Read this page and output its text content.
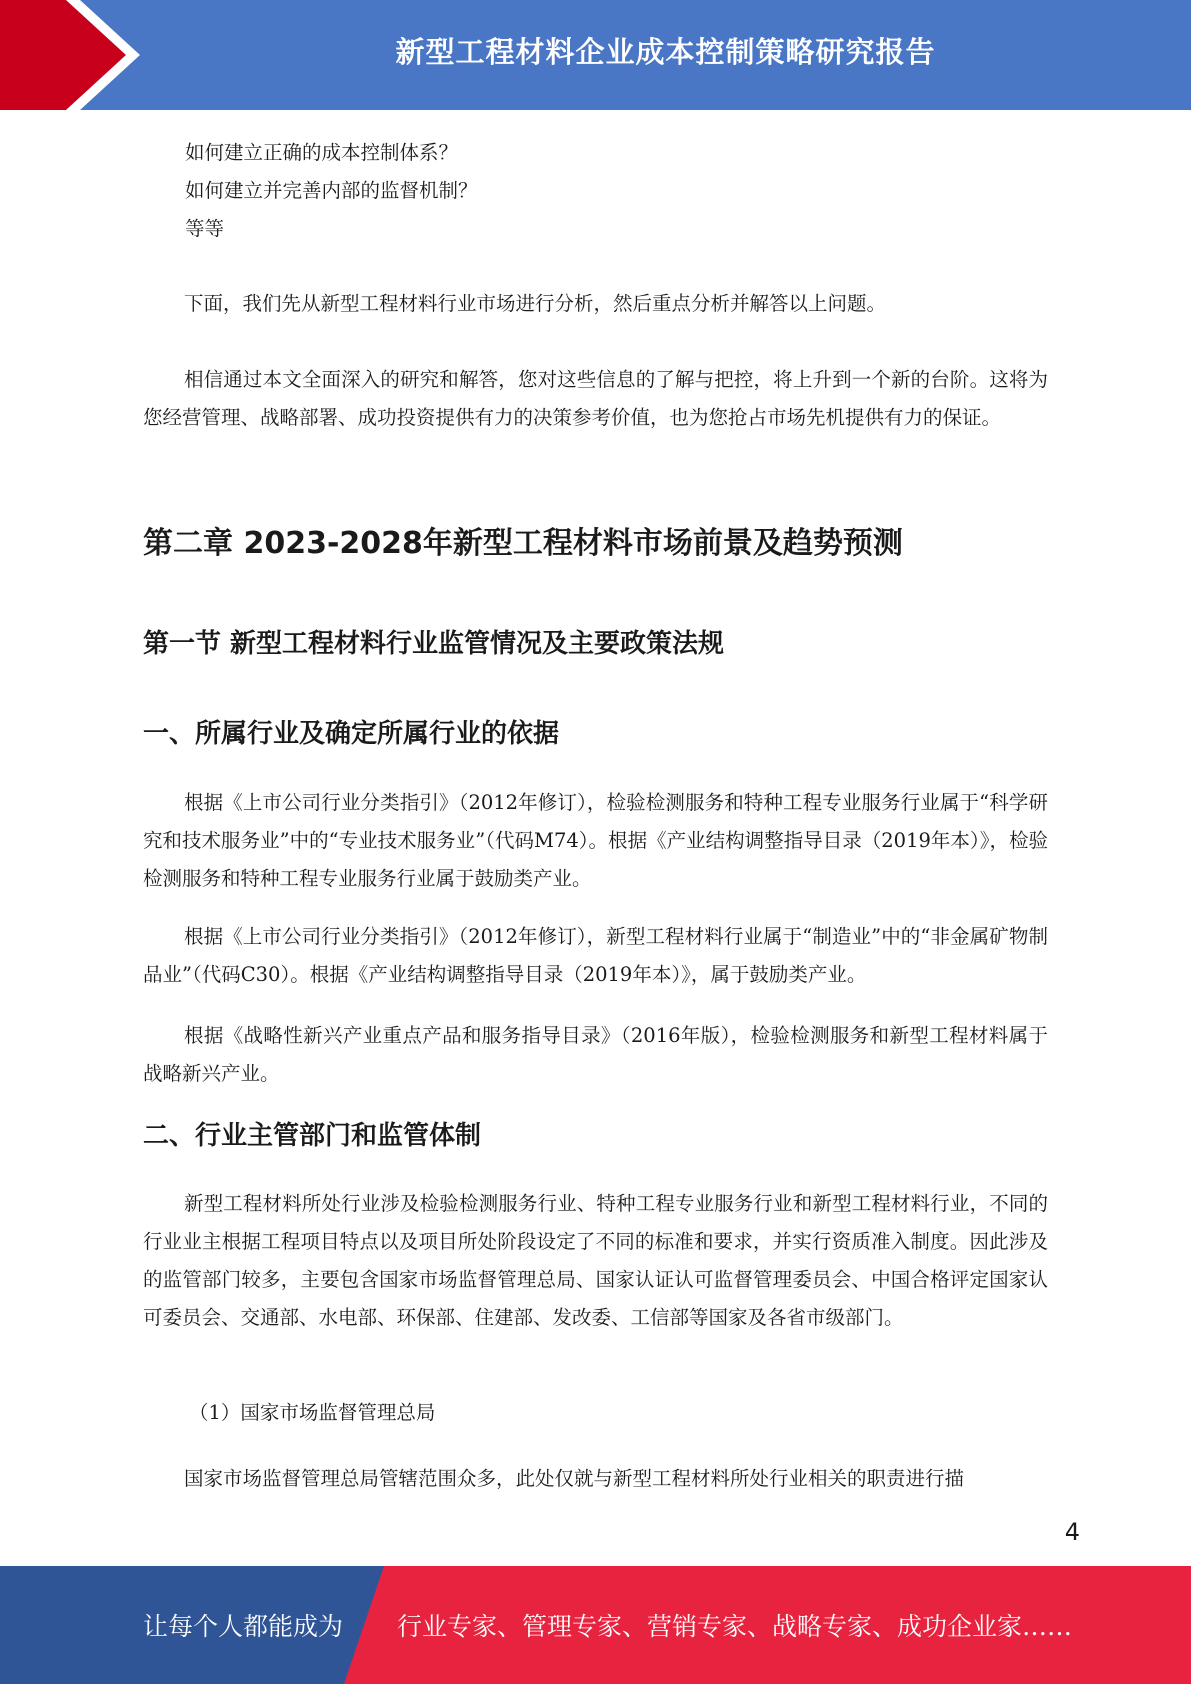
新型工程材料企业成本控制策略研究报告

如何建立正确的成本控制体系？

如何建立并完善内部的监督机制？

等等

下面，我们先从新型工程材料行业市场进行分析，然后重点分析并解答以上问题。

相信通过本文全面深入的研究和解答，您对这些信息的了解与把控，将上升到一个新的台阶。这将为您经营管理、战略部署、成功投资提供有力的决策参考价值，也为您抢占市场先机提供有力的保证。

第二章 2023-2028年新型工程材料市场前景及趋势预测
第一节 新型工程材料行业监管情况及主要政策法规
一、所属行业及确定所属行业的依据

根据《上市公司行业分类指引》（2012年修订），检验检测服务和特种工程专业服务行业属于“科学研究和技术服务业”中的“专业技术服务业”（代码M74）。根据《产业结构调整指导目录（2019年本）》，检验检测服务和特种工程专业服务行业属于鼓励类产业。

根据《上市公司行业分类指引》（2012年修订），新型工程材料行业属于“制造业”中的“非金属矿物制品业”（代码C30）。根据《产业结构调整指导目录（2019年本）》，属于鼓励类产业。

根据《战略性新兴产业重点产品和服务指导目录》（2016年版），检验检测服务和新型工程材料属于战略新兴产业。

二、行业主管部门和监管体制

新型工程材料所处行业涉及检验检测服务行业、特种工程专业服务行业和新型工程材料行业，不同的行业业主根据工程项目特点以及项目所处阶段设定了不同的标准和要求，并实行资质准入制度。因此涉及的监管部门较多，主要包含国家市场监督管理总局、国家认证认可监督管理委员会、中国合格评定国家认可委员会、交通部、水电部、环保部、住建部、发改委、工信部等国家及各省市级部门。

（1）国家市场监督管理总局

国家市场监督管理总局管辖范围众多，此处仅就与新型工程材料所处行业相关的职责进行描

4
让每个人都能成为 行业专家、管理专家、营销专家、战略专家、成功企业家……
